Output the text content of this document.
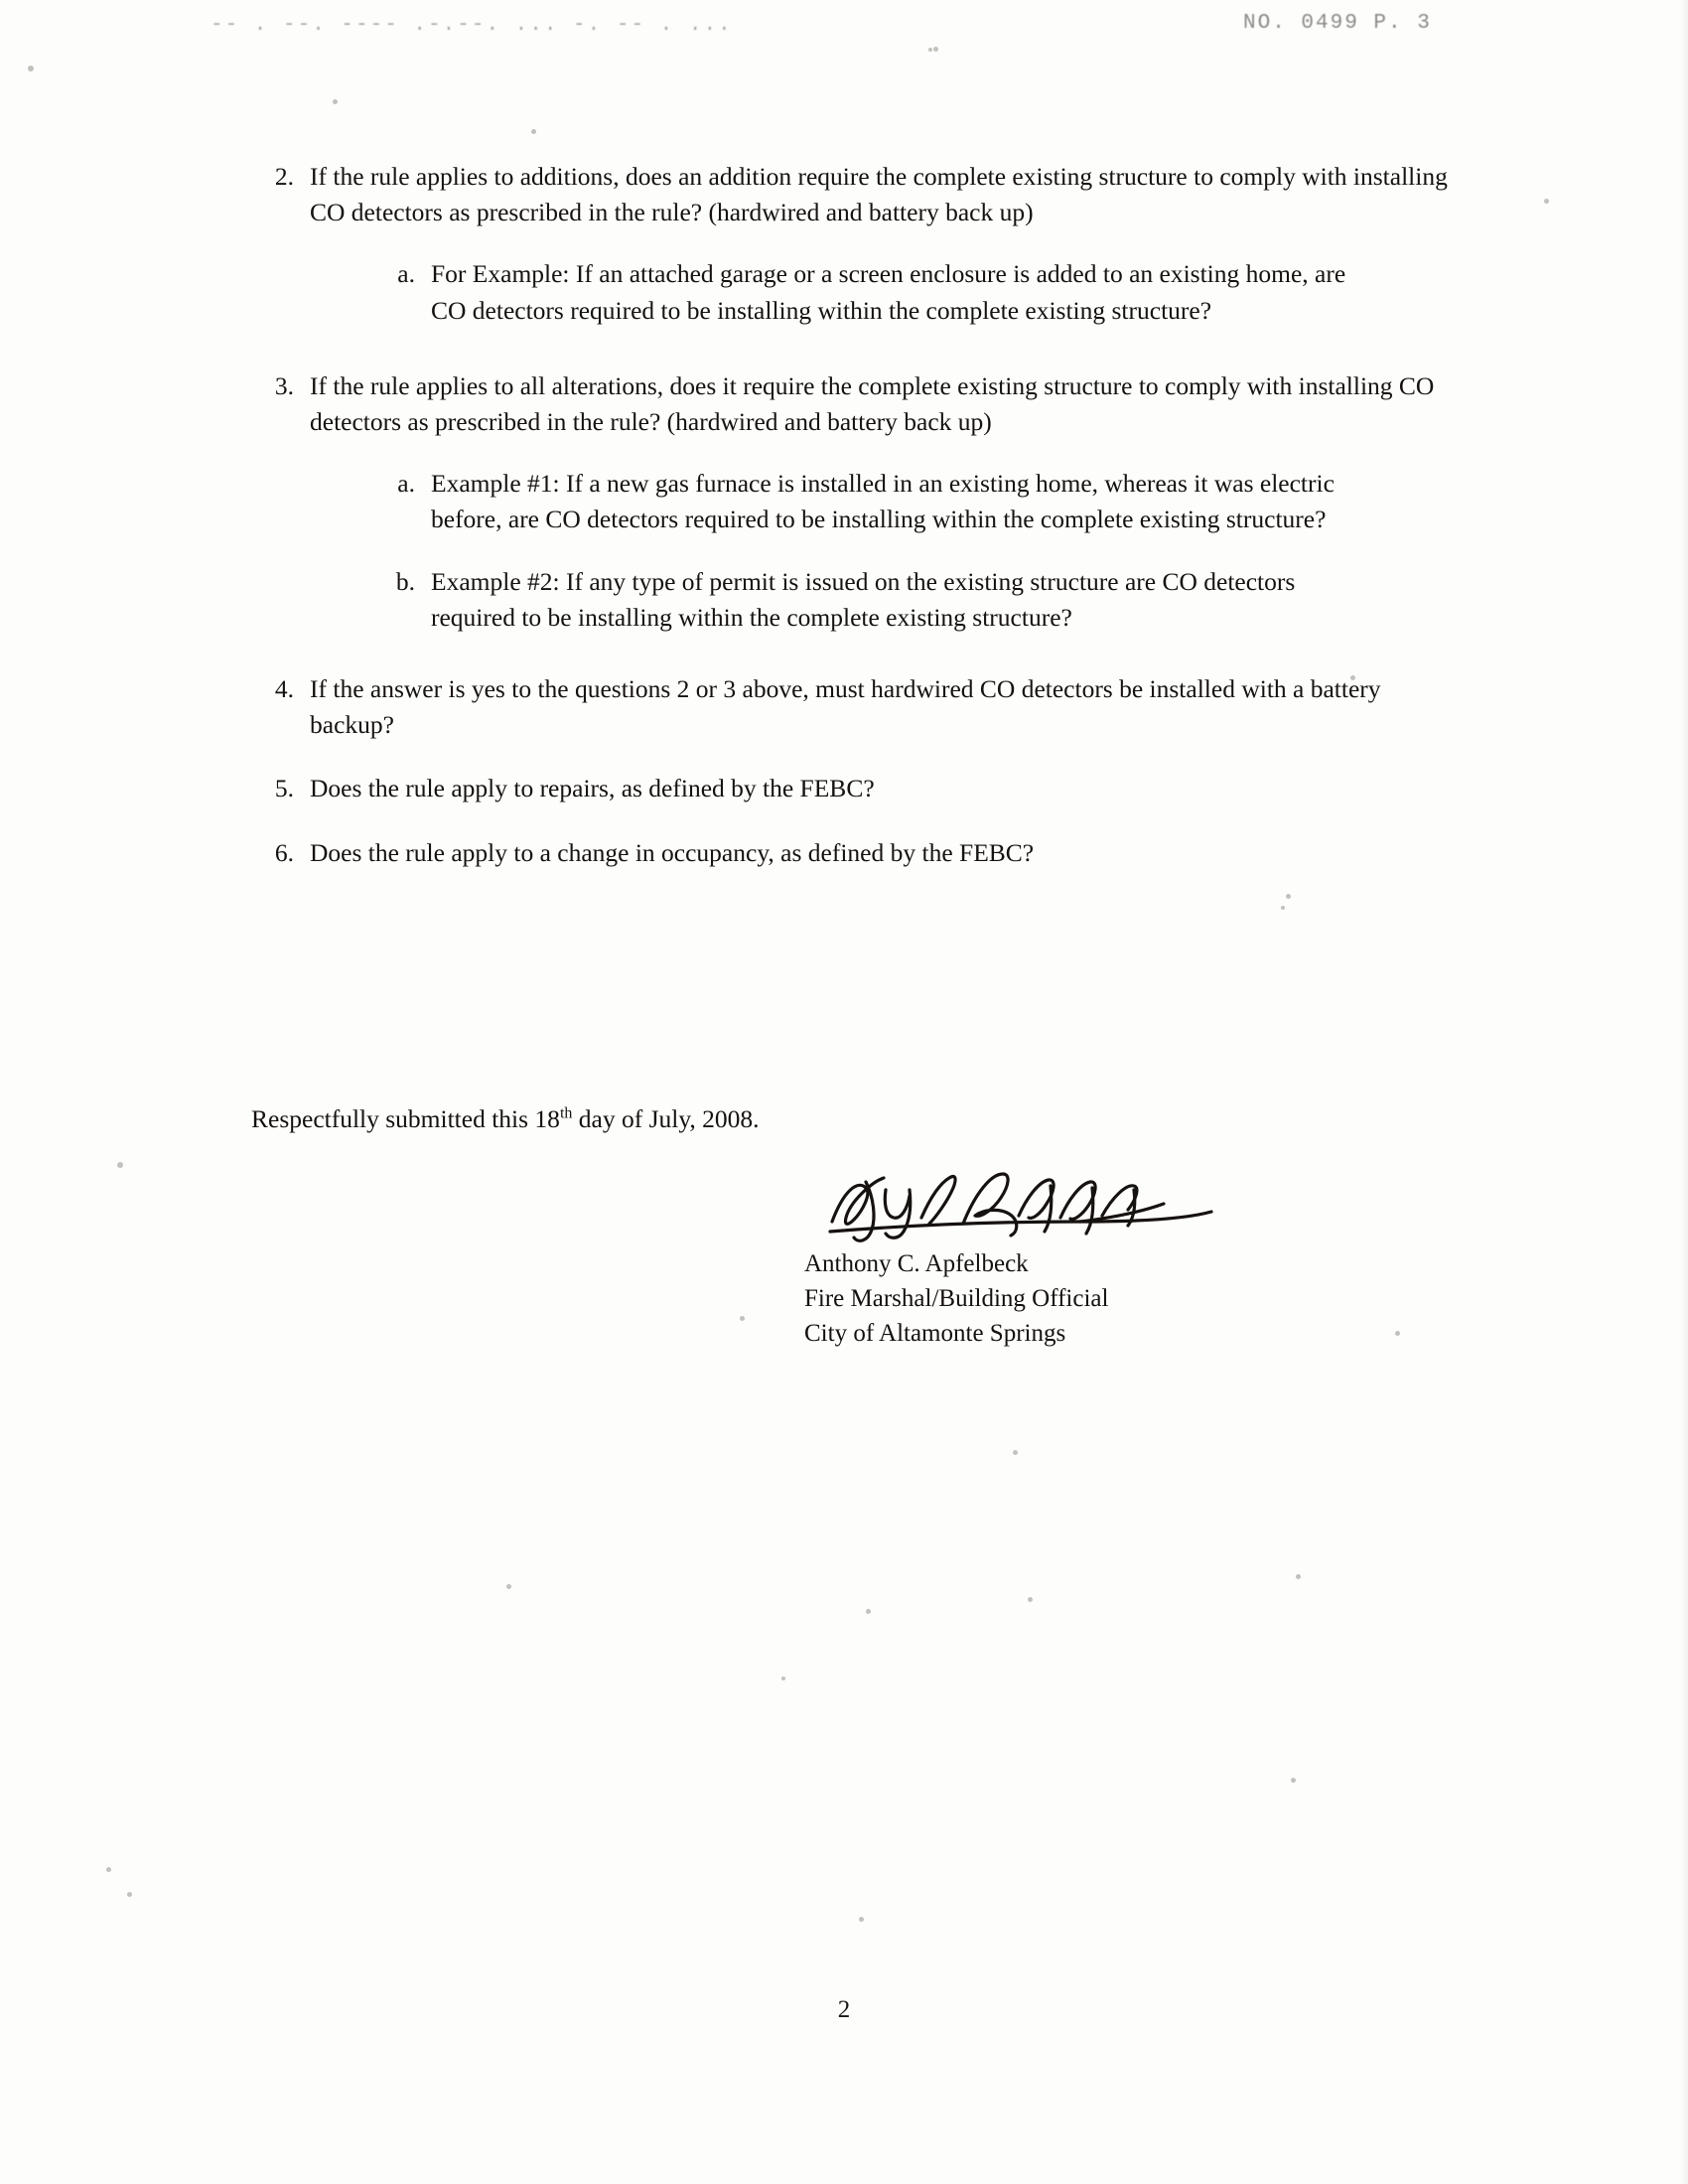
-- . --. ---- .-.--. ... -. -- . ...	NO. 0499 P. 3
2. If the rule applies to additions, does an addition require the complete existing structure to comply with installing CO detectors as prescribed in the rule? (hardwired and battery back up)
a. For Example: If an attached garage or a screen enclosure is added to an existing home, are CO detectors required to be installing within the complete existing structure?
3. If the rule applies to all alterations, does it require the complete existing structure to comply with installing CO detectors as prescribed in the rule? (hardwired and battery back up)
a. Example #1: If a new gas furnace is installed in an existing home, whereas it was electric before, are CO detectors required to be installing within the complete existing structure?
b. Example #2: If any type of permit is issued on the existing structure are CO detectors required to be installing within the complete existing structure?
4. If the answer is yes to the questions 2 or 3 above, must hardwired CO detectors be installed with a battery backup?
5. Does the rule apply to repairs, as defined by the FEBC?
6. Does the rule apply to a change in occupancy, as defined by the FEBC?
Respectfully submitted this 18th day of July, 2008.
Anthony C. Apfelbeck
Fire Marshal/Building Official
City of Altamonte Springs
2
